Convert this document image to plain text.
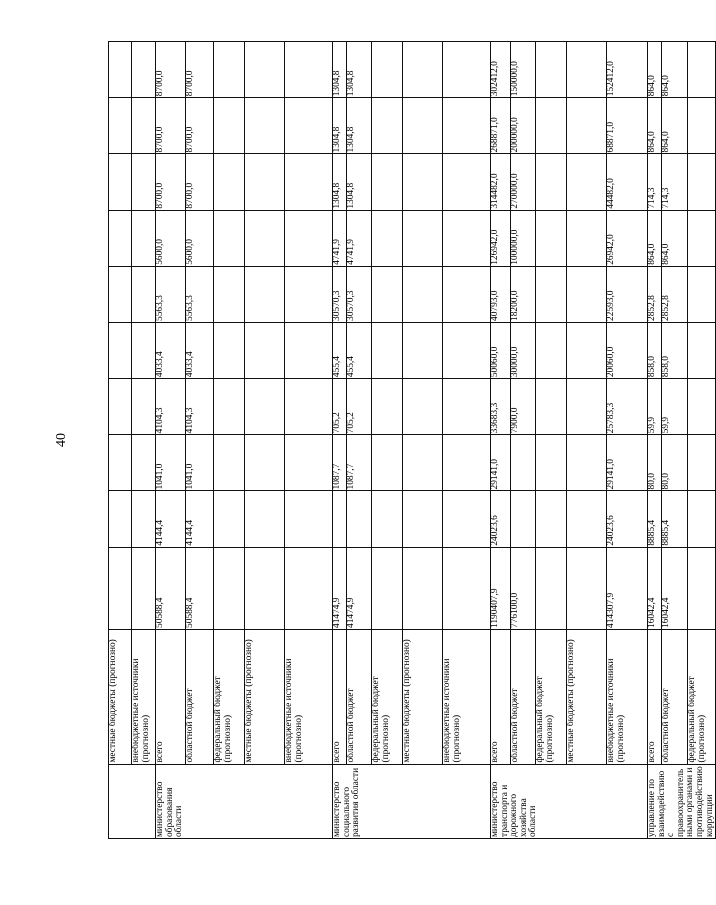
40
	местные бюджеты (прогнозно)										
	внебюджетные источники (прогнозно)										
министерство образования области	всего	50588,4	4144,4	1041,0	4104,3	4033,4	5563,3	5600,0	8700,0	8700,0	8700,0
	областной бюджет	50588,4	4144,4	1041,0	4104,3	4033,4	5563,3	5600,0	8700,0	8700,0	8700,0
	федеральный бюджет (прогнозно)										
	местные бюджеты (прогнозно)										
	внебюджетные источники (прогнозно)										
министерство социального развития области	всего	41474,9		1087,7	705,2	455,4	30570,3	4741,9	1304,8	1304,8	1304,8
	областной бюджет	41474,9		1087,7	705,2	455,4	30570,3	4741,9	1304,8	1304,8	1304,8
	федеральный бюджет (прогнозно)										
	местные бюджеты (прогнозно)										
	внебюджетные источники (прогнозно)										
министерство транспорта и дорожного хозяйства области	всего	1190407,9	24023,6	29141,0	33683,3	50060,0	40793,0	126942,0	314482,0	268871,0	302412,0
	областной бюджет	776100,0			7900,0	30000,0	18200,0	100000,0	270000,0	200000,0	150000,0
	федеральный бюджет (прогнозно)										
	местные бюджеты (прогнозно)										
	внебюджетные источники (прогнозно)	414307,9	24023,6	29141,0	25783,3	20060,0	22593,0	26942,0	44482,0	68871,0	152412,0
управление по взаимодействию с правоохранительными органами и противодействию коррупции	всего	16042,4	8885,4	80,0	59,9	858,0	2852,8	864,0	714,3	864,0	864,0
	областной бюджет	16042,4	8885,4	80,0	59,9	858,0	2852,8	864,0	714,3	864,0	864,0
	федеральный бюджет (прогнозно)										
